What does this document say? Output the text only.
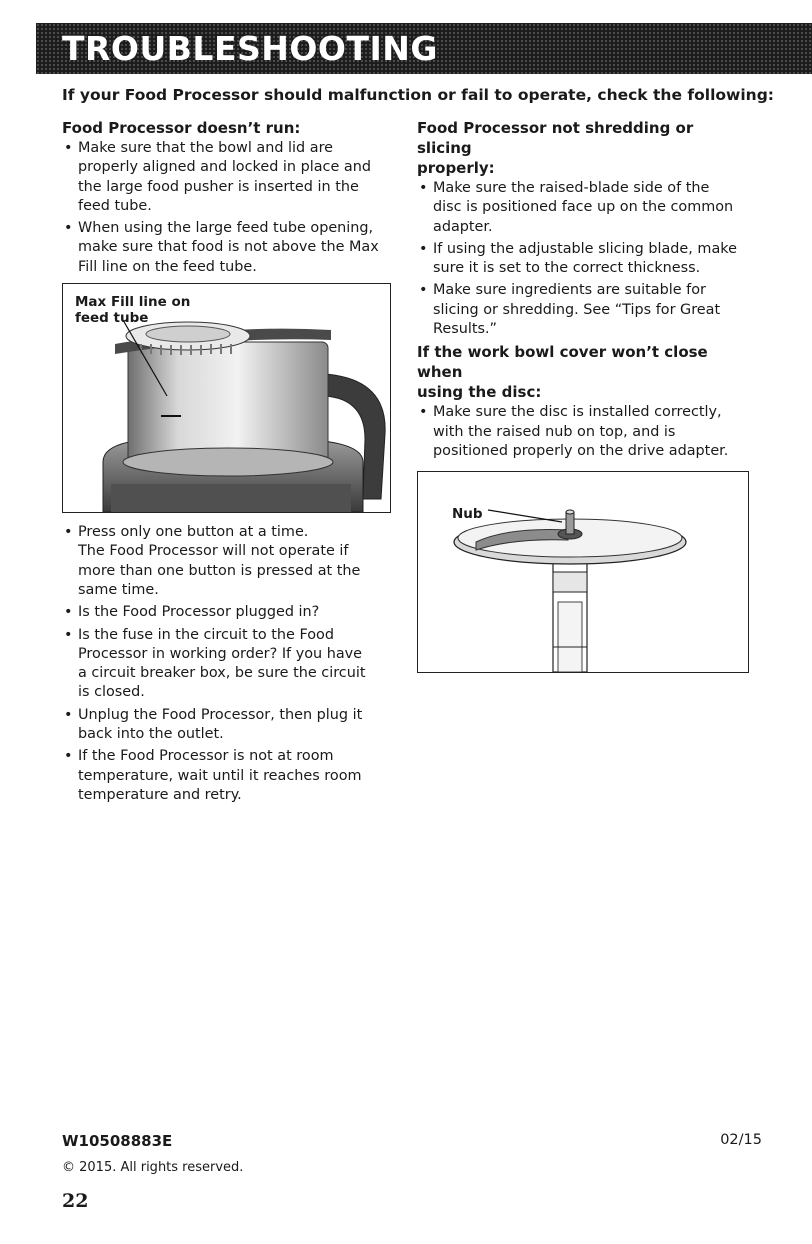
TROUBLESHOOTING

If your Food Processor should malfunction or fail to operate, check the following:

Food Processor doesn’t run:
• Make sure that the bowl and lid are
properly aligned and locked in place and
the large food pusher is inserted in the
feed tube.
• When using the large feed tube opening,
make sure that food is not above the Max
Fill line on the feed tube.
Max Fill line on
feed tube
• Press only one button at a time.
The Food Processor will not operate if
more than one button is pressed at the
same time.
• Is the Food Processor plugged in?
• Is the fuse in the circuit to the Food
Processor in working order? If you have
a circuit breaker box, be sure the circuit
is closed.
• Unplug the Food Processor, then plug it
back into the outlet.
• If the Food Processor is not at room
temperature, wait until it reaches room
temperature and retry.
Food Processor not shredding or slicing
properly:
• Make sure the raised-blade side of the
disc is positioned face up on the common
adapter.
• If using the adjustable slicing blade, make
sure it is set to the correct thickness.
• Make sure ingredients are suitable for
slicing or shredding. See “Tips for Great
Results.”
If the work bowl cover won’t close when
using the disc:
• Make sure the disc is installed correctly,
with the raised nub on top, and is
positioned properly on the drive adapter.
Nub
W10508883E	02/15
© 2015. All rights reserved.
22
